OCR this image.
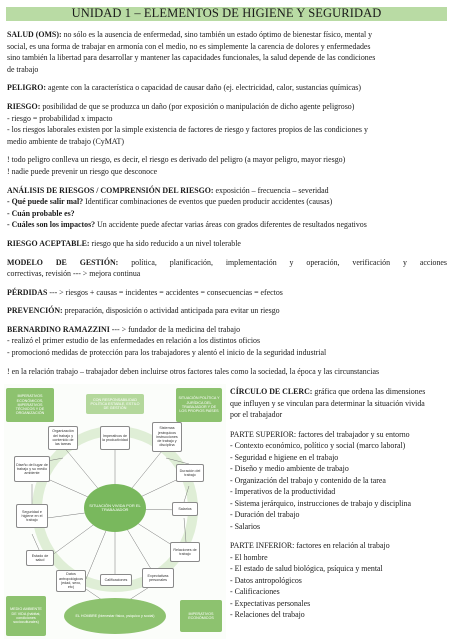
UNIDAD 1 – ELEMENTOS DE HIGIENE Y SEGURIDAD

SALUD (OMS): no sólo es la ausencia de enfermedad, sino también un estado óptimo de bienestar físico, mental y
social, es una forma de trabajar en armonía con el medio, no es simplemente la carencia de dolores y enfermedades
sino también la libertad para desarrollar y mantener las capacidades funcionales, la salud depende de las condiciones
de trabajo

PELIGRO: agente con la característica o capacidad de causar daño (ej. electricidad, calor, sustancias químicas)

RIESGO: posibilidad de que se produzca un daño (por exposición o manipulación de dicho agente peligroso)
- riesgo = probabilidad x impacto
- los riesgos laborales existen por la simple existencia de factores de riesgo y factores propios de las condiciones y
medio ambiente de trabajo (CyMAT)

! todo peligro conlleva un riesgo, es decir, el riesgo es derivado del peligro (a mayor peligro, mayor riesgo)
! nadie puede prevenir un riesgo que desconoce

ANÁLISIS DE RIESGOS / COMPRENSIÓN DEL RIESGO: exposición – frecuencia – severidad
- Qué puede salir mal? Identificar combinaciones de eventos que pueden producir accidentes (causas)
- Cuán probable es?
- Cuáles son los impactos? Un accidente puede afectar varias áreas con grados diferentes de resultados negativos

RIESGO ACEPTABLE: riesgo que ha sido reducido a un nivel tolerable

MODELO DE GESTIÓN: política, planificación, implementación y operación, verificación y acciones
correctivas, revisión --- > mejora continua

PÉRDIDAS --- > riesgos + causas = incidentes = accidentes = consecuencias = efectos

PREVENCIÓN: preparación, disposición o actividad anticipada para evitar un riesgo

BERNARDINO RAMAZZINI --- > fundador de la medicina del trabajo
- realizó el primer estudio de las enfermedades en relación a los distintos oficios
- promocionó medidas de protección para los trabajadores y alentó el inicio de la seguridad industrial

! en la relación trabajo – trabajador deben incluirse otros factores tales como la sociedad, la época y las circunstancias

IMPERATIVOS ECONÓMICOS, IMPERATIVOS TÉCNICOS Y DE ORGANIZACIÓN
CON RESPONSABILIDAD POLÍTICA ESTABLE, ESTILO DE GESTIÓN
SITUACIÓN POLÍTICA Y JURÍDICA DEL TRABAJADOR Y DE LOS PROPIOS PAÍSES
Organización del trabajo y contenido de las tareas
Imperativos de la productividad
Sistemas jerárquicos instrucciones de trabajo y disciplina
Diseño del lugar de trabajo y su medio ambiente
Duración del trabajo
Seguridad e higiene en el trabajo
SITUACIÓN VIVIDA POR EL TRABAJADOR	Salarios
Estado de salud
Relaciones de trabajo
Datos antropológicos (edad, sexo, etc)
Calificaciones
Expectativas personales
MEDIO AMBIENTE DE VIDA (hábitat, condiciones socioculturales)
EL HOMBRE (bienestar físico, psíquico y social)
IMPERATIVOS ECONÓMICOS

CÍRCULO DE CLERC: gráfica que ordena las dimensiones
que influyen y se vinculan para determinar la situación vivida
por el trabajador

PARTE SUPERIOR: factores del trabajador y su entorno
- Contexto económico, político y social (marco laboral)
- Seguridad e higiene en el trabajo
- Diseño y medio ambiente de trabajo
- Organización del trabajo y contenido de la tarea
- Imperativos de la productividad
- Sistema jerárquico, instrucciones de trabajo y disciplina
- Duración del trabajo
- Salarios

PARTE INFERIOR: factores en relación al trabajo
- El hombre
- El estado de salud biológica, psíquica y mental
- Datos antropológicos
- Calificaciones
- Expectativas personales
- Relaciones del trabajo
